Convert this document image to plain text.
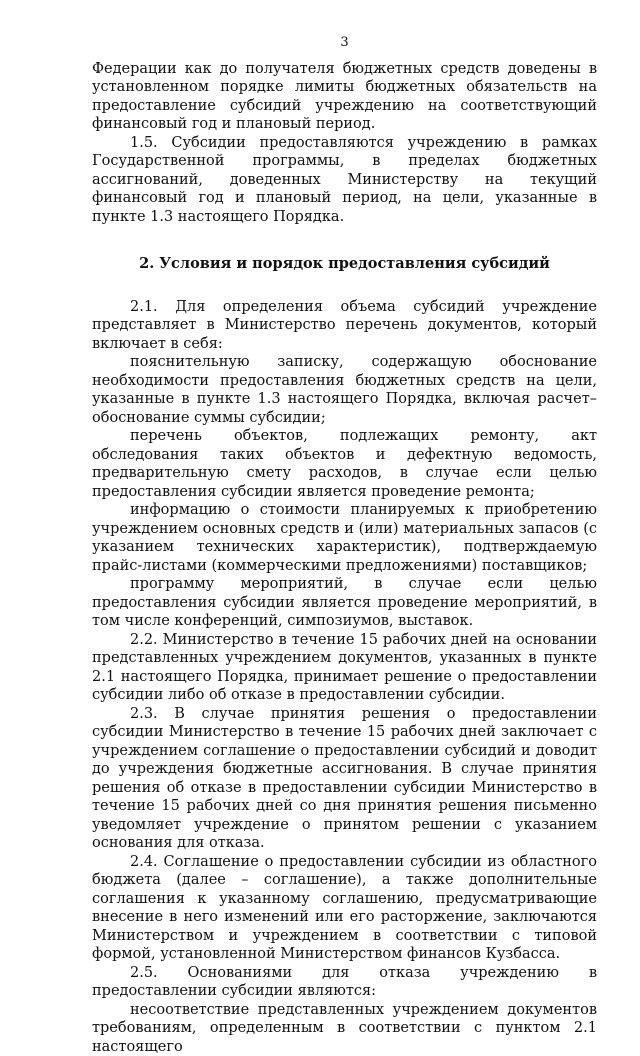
3

Федерации как до получателя бюджетных средств доведены в установленном порядке лимиты бюджетных обязательств на предоставление субсидий учреждению на соответствующий финансовый год и плановый период.

1.5. Субсидии предоставляются учреждению в рамках Государственной программы, в пределах бюджетных ассигнований, доведенных Министерству на текущий финансовый год и плановый период, на цели, указанные в пункте 1.3 настоящего Порядка.

2. Условия и порядок предоставления субсидий

2.1. Для определения объема субсидий учреждение представляет в Министерство перечень документов, который включает в себя:

пояснительную записку, содержащую обоснование необходимости предоставления бюджетных средств на цели, указанные в пункте 1.3 настоящего Порядка, включая расчет–обоснование суммы субсидии;

перечень объектов, подлежащих ремонту, акт обследования таких объектов и дефектную ведомость, предварительную смету расходов, в случае если целью предоставления субсидии является проведение ремонта;

информацию о стоимости планируемых к приобретению учреждением основных средств и (или) материальных запасов (с указанием технических характеристик), подтверждаемую прайс-листами (коммерческими предложениями) поставщиков;

программу мероприятий, в случае если целью предоставления субсидии является проведение мероприятий, в том числе конференций, симпозиумов, выставок.

2.2. Министерство в течение 15 рабочих дней на основании представленных учреждением документов, указанных в пункте 2.1 настоящего Порядка, принимает решение о предоставлении субсидии либо об отказе в предоставлении субсидии.

2.3. В случае принятия решения о предоставлении субсидии Министерство в течение 15 рабочих дней заключает с учреждением соглашение о предоставлении субсидий и доводит до учреждения бюджетные ассигнования. В случае принятия решения об отказе в предоставлении субсидии Министерство в течение 15 рабочих дней со дня принятия решения письменно уведомляет учреждение о принятом решении с указанием основания для отказа.

2.4. Соглашение о предоставлении субсидии из областного бюджета (далее – соглашение), а также дополнительные соглашения к указанному соглашению, предусматривающие внесение в него изменений или его расторжение, заключаются Министерством и учреждением в соответствии с типовой формой, установленной Министерством финансов Кузбасса.

2.5. Основаниями для отказа учреждению в предоставлении субсидии являются:

несоответствие представленных учреждением документов требованиям, определенным в соответствии с пунктом 2.1 настоящего
